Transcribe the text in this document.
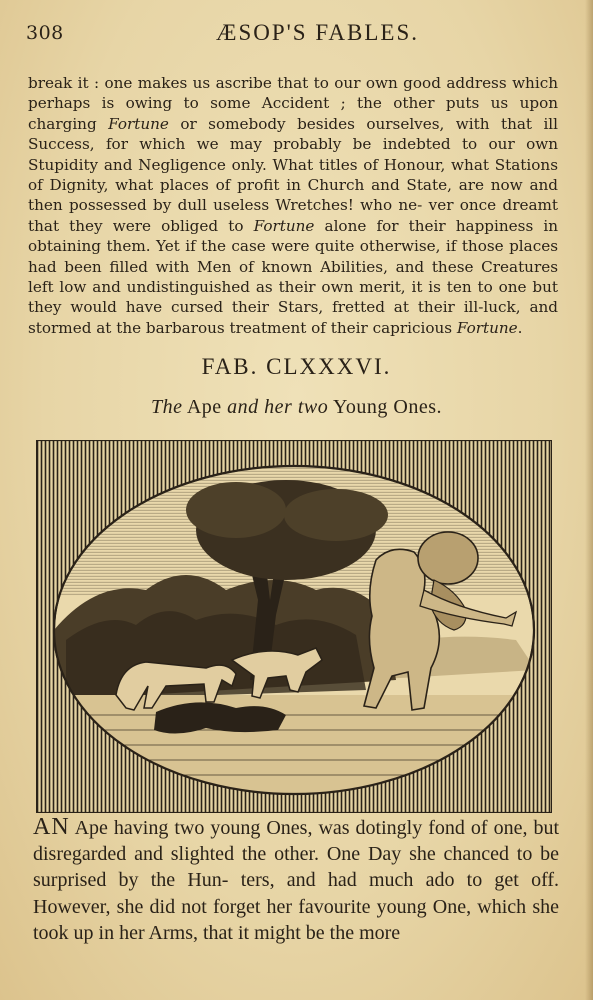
308	ÆSOP'S FABLES.

break it : one makes us ascribe that to our own good address which perhaps is owing to some Accident ; the other puts us upon charging Fortune or somebody besides ourselves, with that ill Success, for which we may probably be indebted to our own Stupidity and Negligence only. What titles of Honour, what Stations of Dignity, what places of profit in Church and State, are now and then possessed by dull useless Wretches! who ne- ver once dreamt that they were obliged to Fortune alone for their happiness in obtaining them. Yet if the case were quite otherwise, if those places had been filled with Men of known Abilities, and these Creatures left low and undistinguished as their own merit, it is ten to one but they would have cursed their Stars, fretted at their ill-luck, and stormed at the barbarous treatment of their capricious Fortune.

FAB. CLXXXVI.
The Ape and her two Young Ones.

AN Ape having two young Ones, was dotingly fond of one, but disregarded and slighted the other. One Day she chanced to be surprised by the Hun- ters, and had much ado to get off. However, she did not forget her favourite young One, which she took up in her Arms, that it might be the more
